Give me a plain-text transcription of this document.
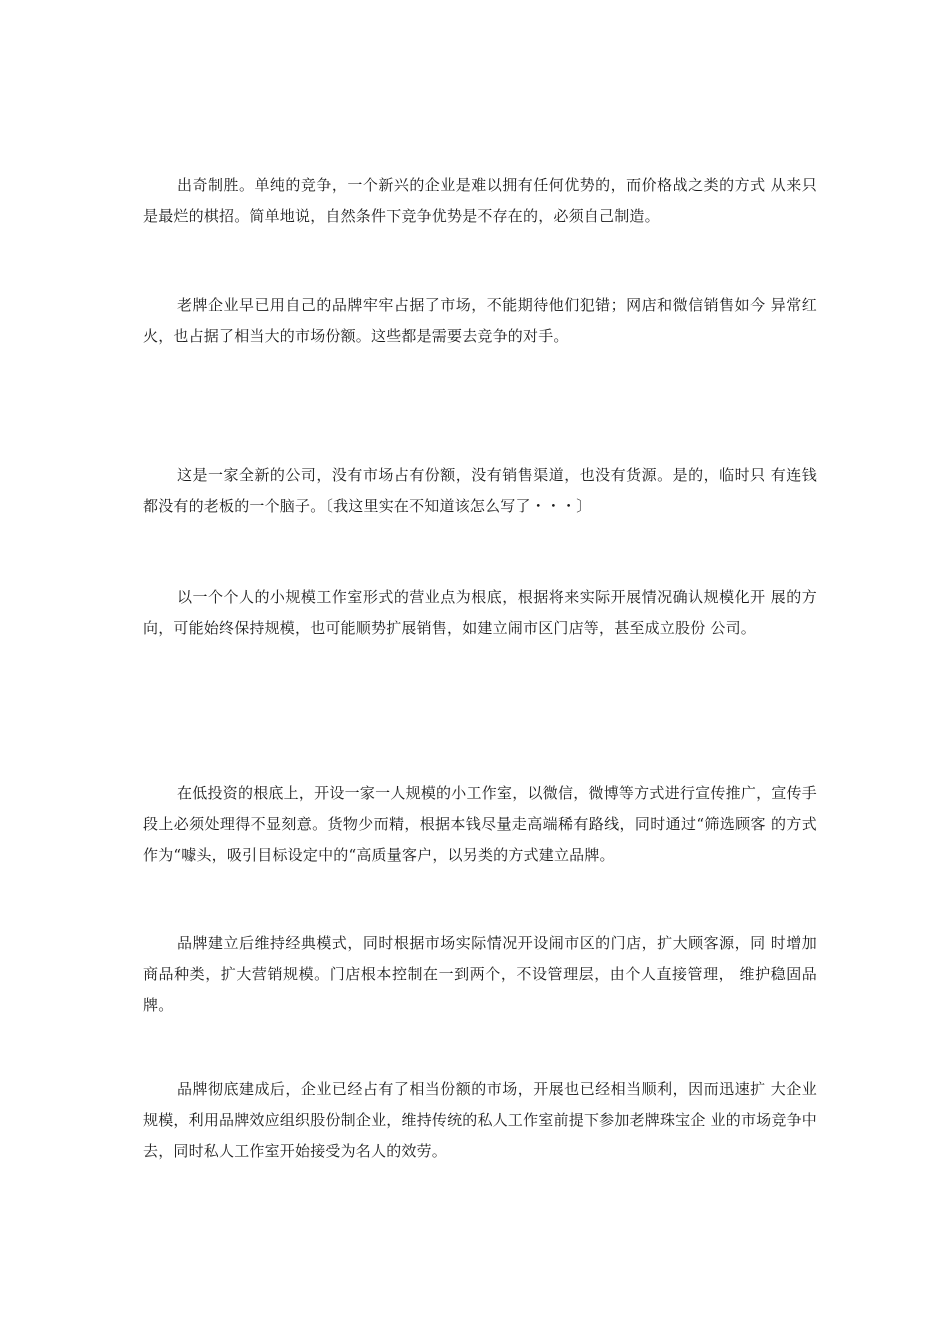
出奇制胜。单纯的竞争，一个新兴的企业是难以拥有任何优势的，而价格战之类的方式 从来只是最烂的棋招。简单地说，自然条件下竞争优势是不存在的，必须自己制造。

老牌企业早已用自己的品牌牢牢占据了市场，不能期待他们犯错；网店和微信销售如今 异常红火，也占据了相当大的市场份额。这些都是需要去竞争的对手。

这是一家全新的公司，没有市场占有份额，没有销售渠道，也没有货源。是的，临时只 有连钱都没有的老板的一个脑子。〔我这里实在不知道该怎么写了・・・〕

以一个个人的小规模工作室形式的营业点为根底，根据将来实际开展情况确认规模化开 展的方向，可能始终保持规模，也可能顺势扩展销售，如建立闹市区门店等，甚至成立股份 公司。

在低投资的根底上，开设一家一人规模的小工作室，以微信，微博等方式进行宣传推广，宣传手段上必须处理得不显刻意。货物少而精，根据本钱尽量走高端稀有路线，同时通过“筛选顾客 的方式作为“噱头，吸引目标设定中的“高质量客户，以另类的方式建立品牌。

品牌建立后维持经典模式，同时根据市场实际情况开设闹市区的门店，扩大顾客源，同 时增加商品种类，扩大营销规模。门店根本控制在一到两个，不设管理层，由个人直接管理， 维护稳固品牌。

品牌彻底建成后，企业已经占有了相当份额的市场，开展也已经相当顺利，因而迅速扩 大企业规模，利用品牌效应组织股份制企业，维持传统的私人工作室前提下参加老牌珠宝企 业的市场竞争中去，同时私人工作室开始接受为名人的效劳。
